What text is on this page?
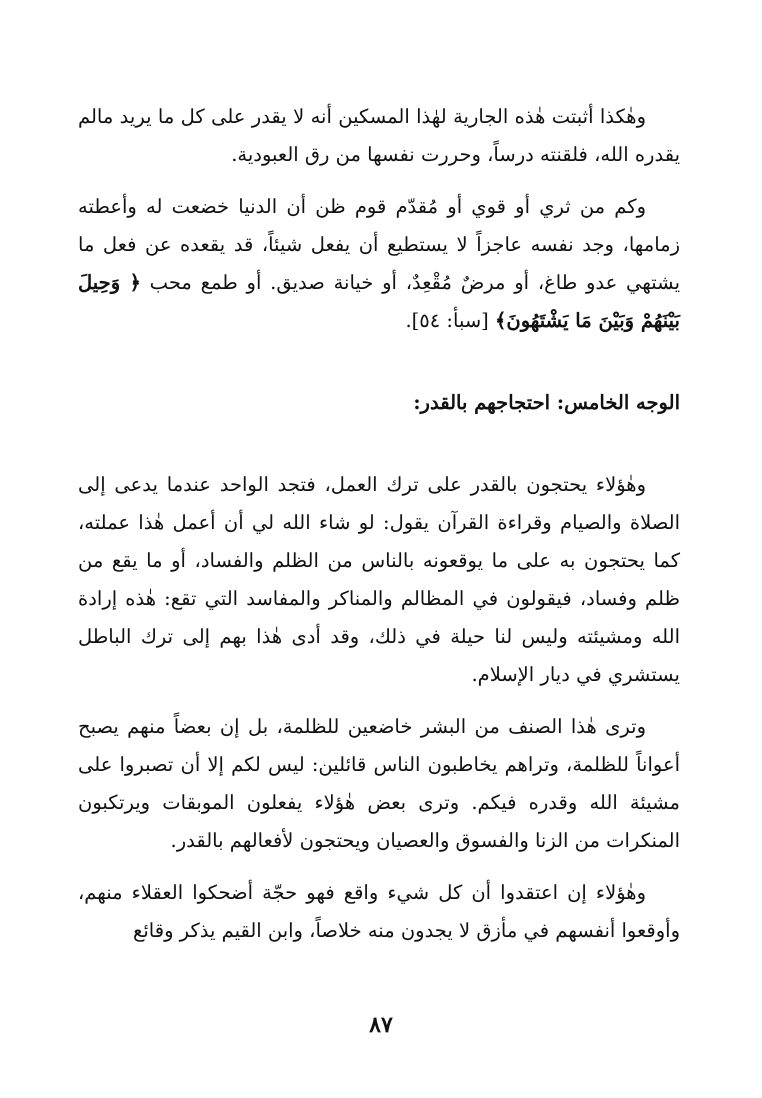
وهٰكذا أثبتت هٰذه الجارية لهٰذا المسكين أنه لا يقدر على كل ما يريد مالم يقدره الله، فلقنته درساً، وحررت نفسها من رق العبودية.

وكم من ثري أو قوي أو مُقدّم قوم ظن أن الدنيا خضعت له وأعطته زمامها، وجد نفسه عاجزاً لا يستطيع أن يفعل شيئاً، قد يقعده عن فعل ما يشتهي عدو طاغ، أو مرضٌ مُقْعِدٌ، أو خيانة صديق. أو طمع محب ﴿ وَحِيلَ بَيْنَهُمْ وَبَيْنَ مَا يَشْتَهُونَ﴾ [سبأ: ٥٤].

الوجه الخامس: احتجاجهم بالقدر:

وهٰؤلاء يحتجون بالقدر على ترك العمل، فتجد الواحد عندما يدعى إلى الصلاة والصيام وقراءة القرآن يقول: لو شاء الله لي أن أعمل هٰذا عملته، كما يحتجون به على ما يوقعونه بالناس من الظلم والفساد، أو ما يقع من ظلم وفساد، فيقولون في المظالم والمناكر والمفاسد التي تقع: هٰذه إرادة الله ومشيئته وليس لنا حيلة في ذلك، وقد أدى هٰذا بهم إلى ترك الباطل يستشري في ديار الإسلام.

وترى هٰذا الصنف من البشر خاضعين للظلمة، بل إن بعضاً منهم يصبح أعواناً للظلمة، وتراهم يخاطبون الناس قائلين: ليس لكم إلا أن تصبروا على مشيئة الله وقدره فيكم. وترى بعض هٰؤلاء يفعلون الموبقات ويرتكبون المنكرات من الزنا والفسوق والعصيان ويحتجون لأفعالهم بالقدر.

وهٰؤلاء إن اعتقدوا أن كل شيء واقع فهو حجّة أضحكوا العقلاء منهم، وأوقعوا أنفسهم في مأزق لا يجدون منه خلاصاً، وابن القيم يذكر وقائع

٨٧
